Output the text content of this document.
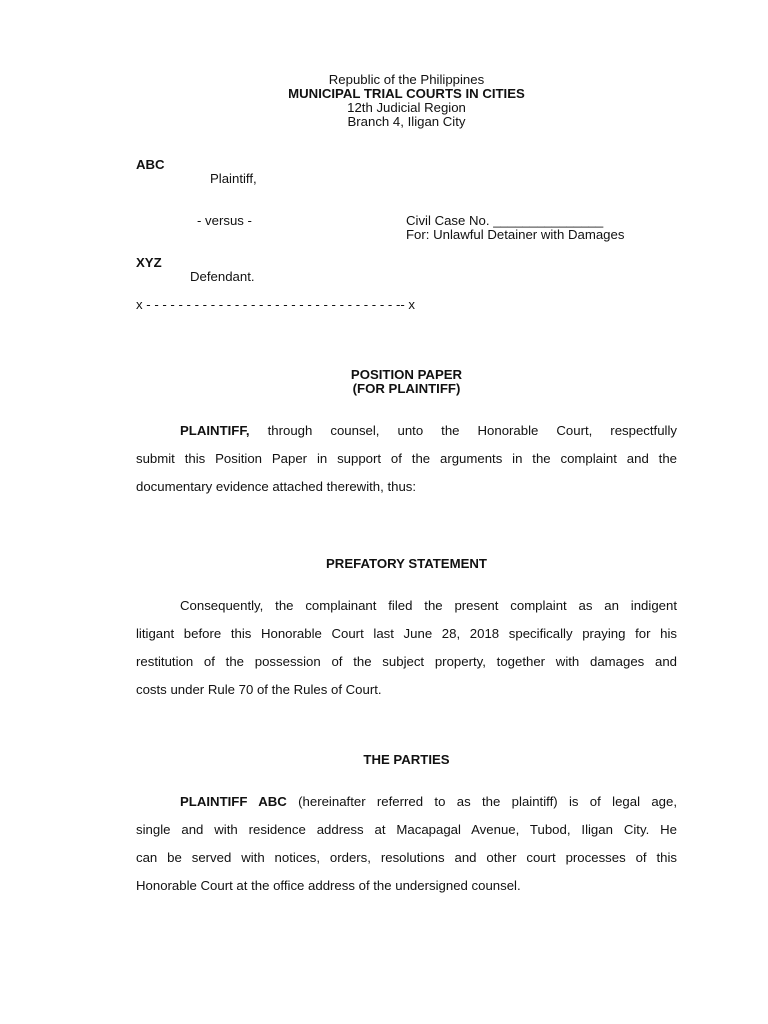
Republic of the Philippines
MUNICIPAL TRIAL COURTS IN CITIES
12th Judicial Region
Branch 4, Iligan City
ABC
Plaintiff,
- versus -	Civil Case No. _______________
For: Unlawful Detainer with Damages
XYZ
Defendant.
x - - - - - - - - - - - - - - - - - - - - - - - - - - - - - - - -- x
POSITION PAPER
(FOR PLAINTIFF)
PLAINTIFF, through counsel, unto the Honorable Court, respectfully
submit this Position Paper in support of the arguments in the complaint and the
documentary evidence attached therewith, thus:
PREFATORY STATEMENT
Consequently, the complainant filed the present complaint as an indigent
litigant before this Honorable Court last June 28, 2018 specifically praying for his
restitution of the possession of the subject property, together with damages and
costs under Rule 70 of the Rules of Court.
THE PARTIES
PLAINTIFF ABC (hereinafter referred to as the plaintiff) is of legal age,
single and with residence address at Macapagal Avenue, Tubod, Iligan City. He
can be served with notices, orders, resolutions and other court processes of this
Honorable Court at the office address of the undersigned counsel.
